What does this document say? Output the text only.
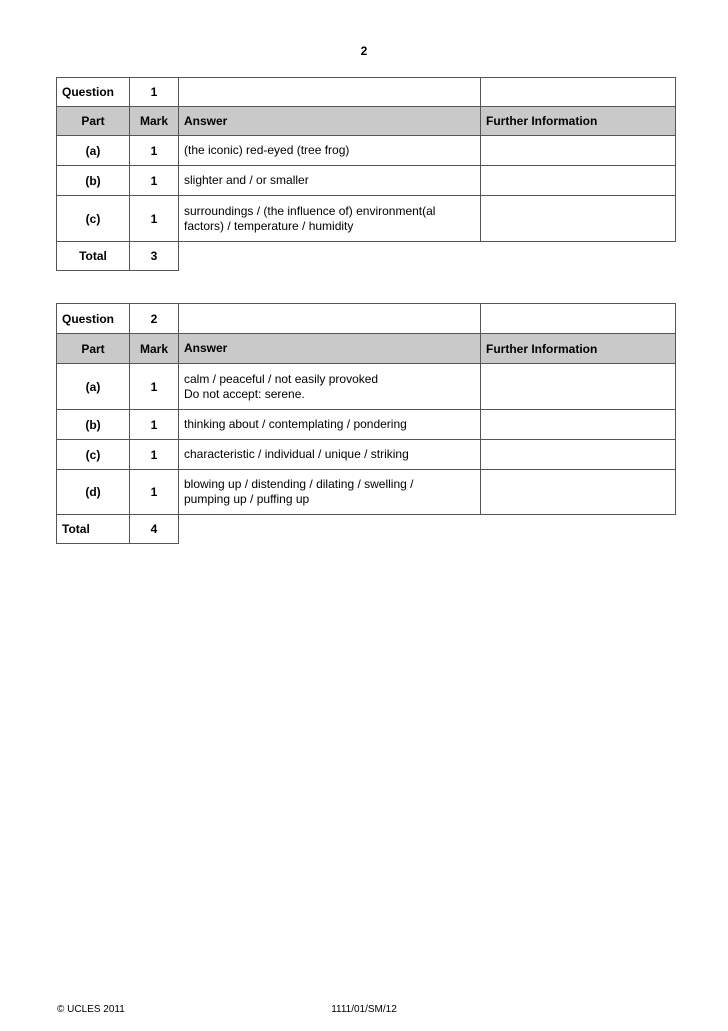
2
Question	1		
Part	Mark	Answer	Further Information
(a)	1	(the iconic) red-eyed (tree frog)	
(b)	1	slighter and / or smaller	
(c)	1	surroundings / (the influence of) environment(al
factors) / temperature / humidity	
Total	3		
Question	2		
Part	Mark	Answer	Further Information
(a)	1	calm / peaceful / not easily provoked
Do not accept: serene.	
(b)	1	thinking about / contemplating / pondering	
(c)	1	characteristic / individual / unique / striking	
(d)	1	blowing up / distending / dilating / swelling /
pumping up / puffing up	
Total	4		
© UCLES 2011	1111/01/SM/12
